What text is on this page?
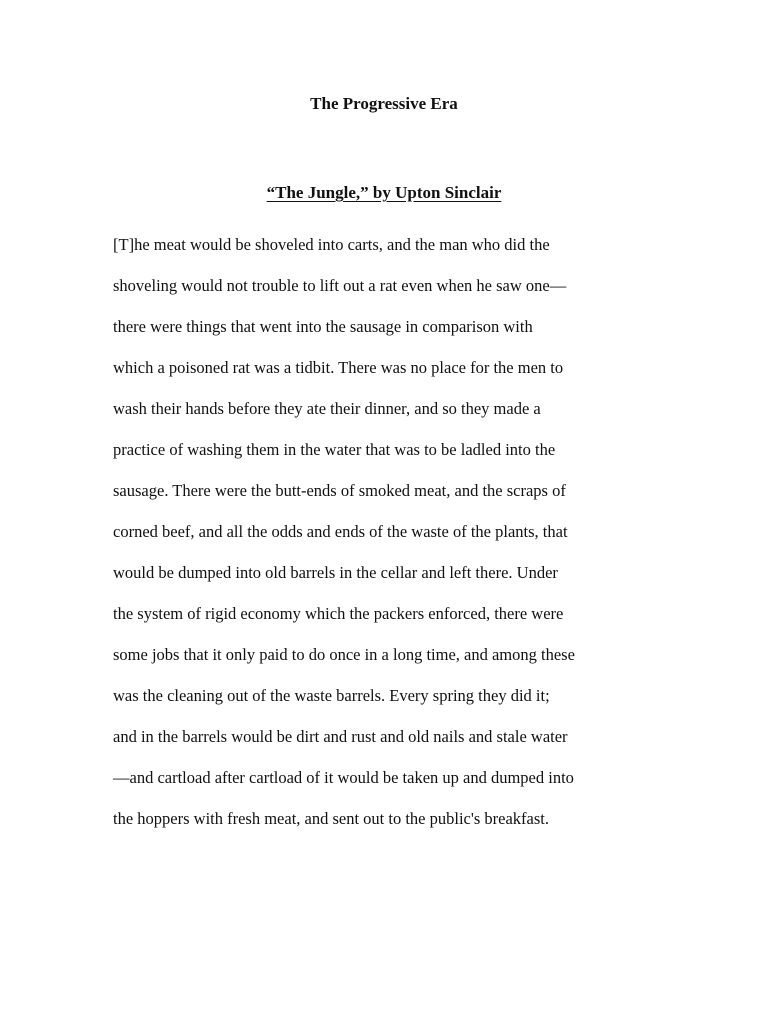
The Progressive Era
“The Jungle,” by Upton Sinclair
[T]he meat would be shoveled into carts, and the man who did the
shoveling would not trouble to lift out a rat even when he saw one—
there were things that went into the sausage in comparison with
which a poisoned rat was a tidbit. There was no place for the men to
wash their hands before they ate their dinner, and so they made a
practice of washing them in the water that was to be ladled into the
sausage. There were the butt-ends of smoked meat, and the scraps of
corned beef, and all the odds and ends of the waste of the plants, that
would be dumped into old barrels in the cellar and left there. Under
the system of rigid economy which the packers enforced, there were
some jobs that it only paid to do once in a long time, and among these
was the cleaning out of the waste barrels. Every spring they did it;
and in the barrels would be dirt and rust and old nails and stale water
—and cartload after cartload of it would be taken up and dumped into
the hoppers with fresh meat, and sent out to the public's breakfast.
